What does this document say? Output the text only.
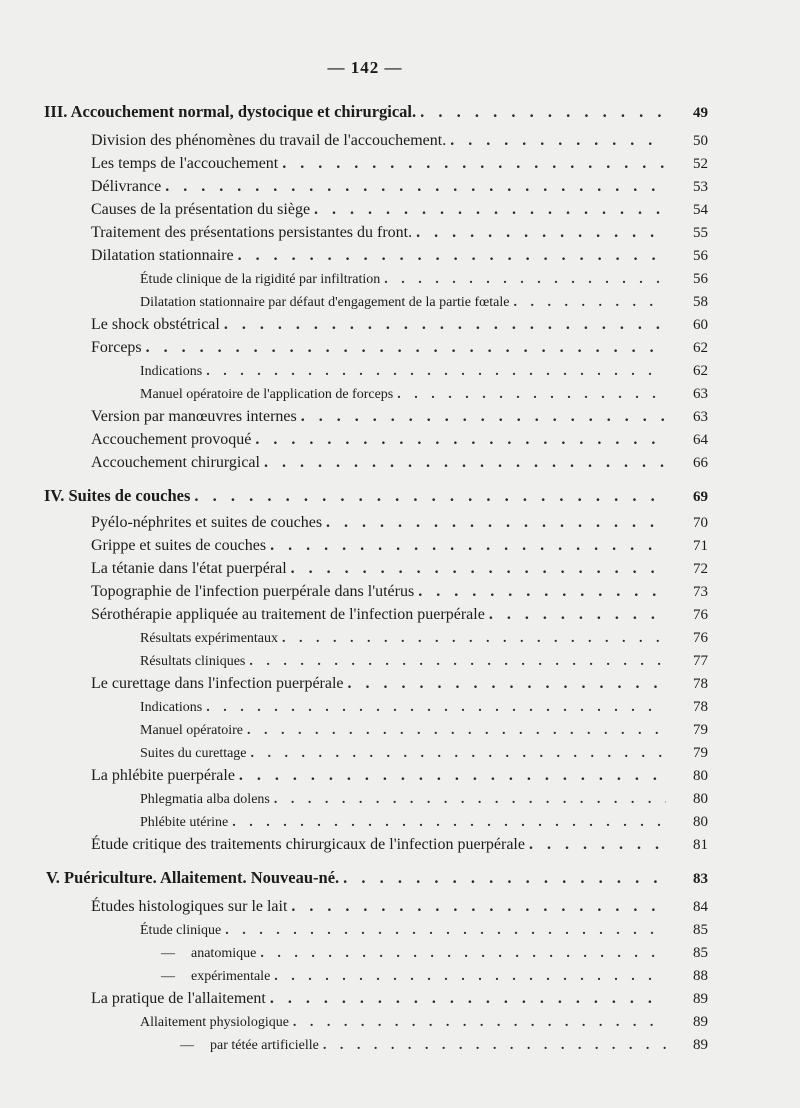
— 142 —
III. Accouchement normal, dystocique et chirurgical. . . .	49
Division des phénomènes du travail de l'accouchement. . . .	50
Les temps de l'accouchement . . .	52
Délivrance . . .	53
Causes de la présentation du siège . . .	54
Traitement des présentations persistantes du front. . . .	55
Dilatation stationnaire . . .	56
Étude clinique de la rigidité par infiltration . . .	56
Dilatation stationnaire par défaut d'engagement de la partie fœtale . . .	58
Le shock obstétrical . . .	60
Forceps . . .	62
Indications . . .	62
Manuel opératoire de l'application de forceps . . .	63
Version par manœuvres internes . . .	63
Accouchement provoqué . . .	64
Accouchement chirurgical . . .	66
IV. Suites de couches . . .	69
Pyélo-néphrites et suites de couches . . .	70
Grippe et suites de couches . . .	71
La tétanie dans l'état puerpéral . . .	72
Topographie de l'infection puerpérale dans l'utérus . . .	73
Sérothérapie appliquée au traitement de l'infection puerpérale . . .	76
Résultats expérimentaux . . .	76
Résultats cliniques . . .	77
Le curettage dans l'infection puerpérale . . .	78
Indications . . .	78
Manuel opératoire . . .	79
Suites du curettage . . .	79
La phlébite puerpérale . . .	80
Phlegmatia alba dolens . . .	80
Phlébite utérine . . .	80
Étude critique des traitements chirurgicaux de l'infection puerpérale . . .	81
V. Puériculture. Allaitement. Nouveau-né. . . .	83
Études histologiques sur le lait . . .	84
Étude clinique . . .	85
— anatomique . . .	85
— expérimentale . . .	88
La pratique de l'allaitement . . .	89
Allaitement physiologique . . .	89
— par tétée artificielle . . .	89
